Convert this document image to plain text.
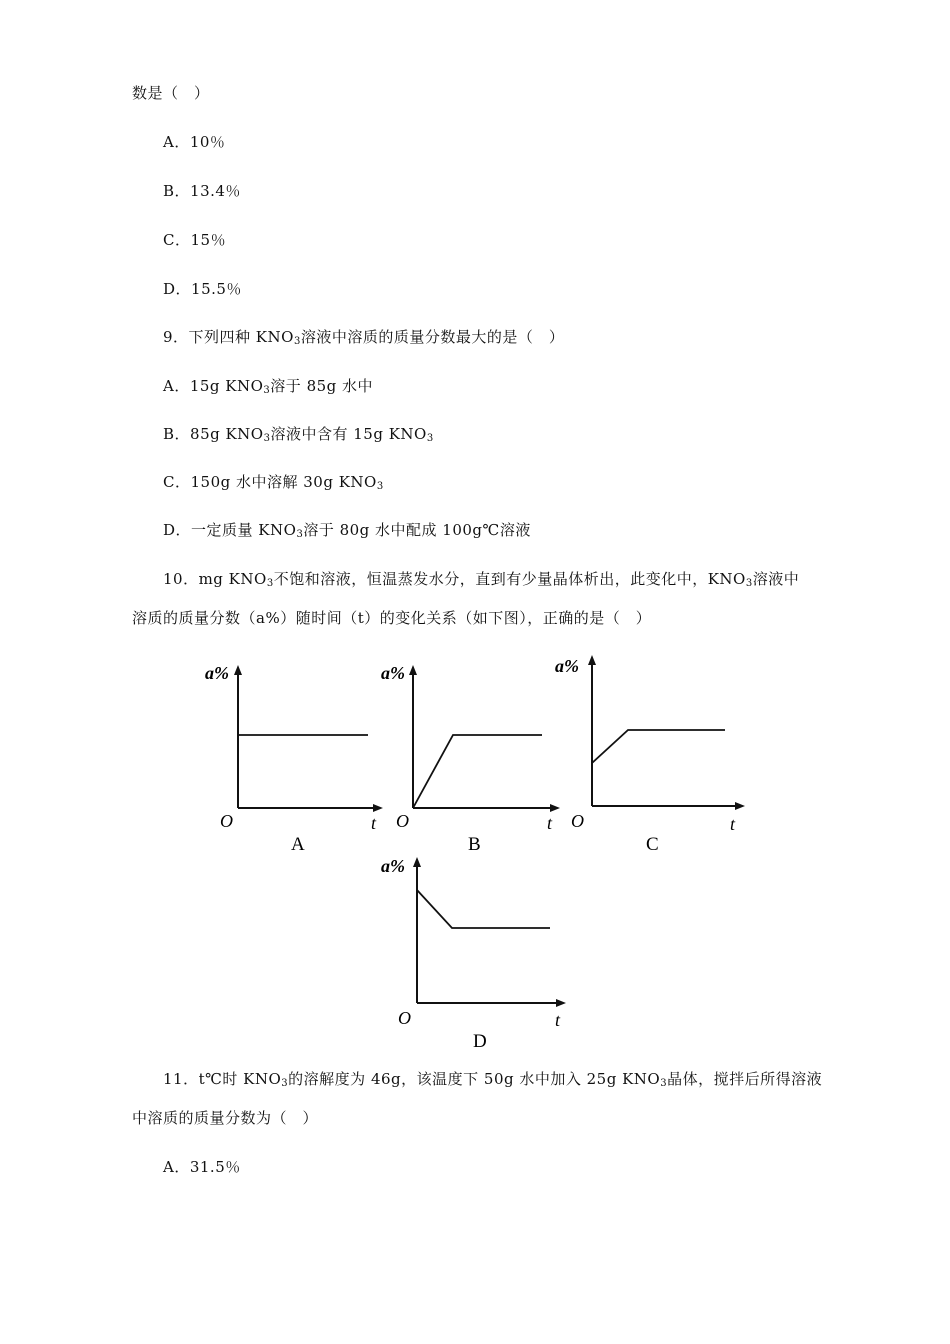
数是（　）
A．10％
B．13.4％
C．15％
D．15.5％
9．下列四种 $KNO_3$溶液中溶质的质量分数最大的是（　）
A．15g $KNO_3$溶于 85g 水中
B．85g $KNO_3$溶液中含有 15g $KNO_3$
C．150g 水中溶解 30g $KNO_3$
D．一定质量 $KNO_3$溶于 80g 水中配成 100g℃溶液
10．mg $KNO_3$不饱和溶液，恒温蒸发水分，直到有少量晶体析出，此变化中，$KNO_3$溶液中
溶质的质量分数（a%）随时间（t）的变化关系（如下图），正确的是（　）
a%
O	t
A
a%
O	t
B
a%
O	t
C
a%
O	t
D
11．t℃时 $KNO_3$的溶解度为 46g，该温度下 50g 水中加入 25g $KNO_3$晶体，搅拌后所得溶液
中溶质的质量分数为（　）
A．31.5％
